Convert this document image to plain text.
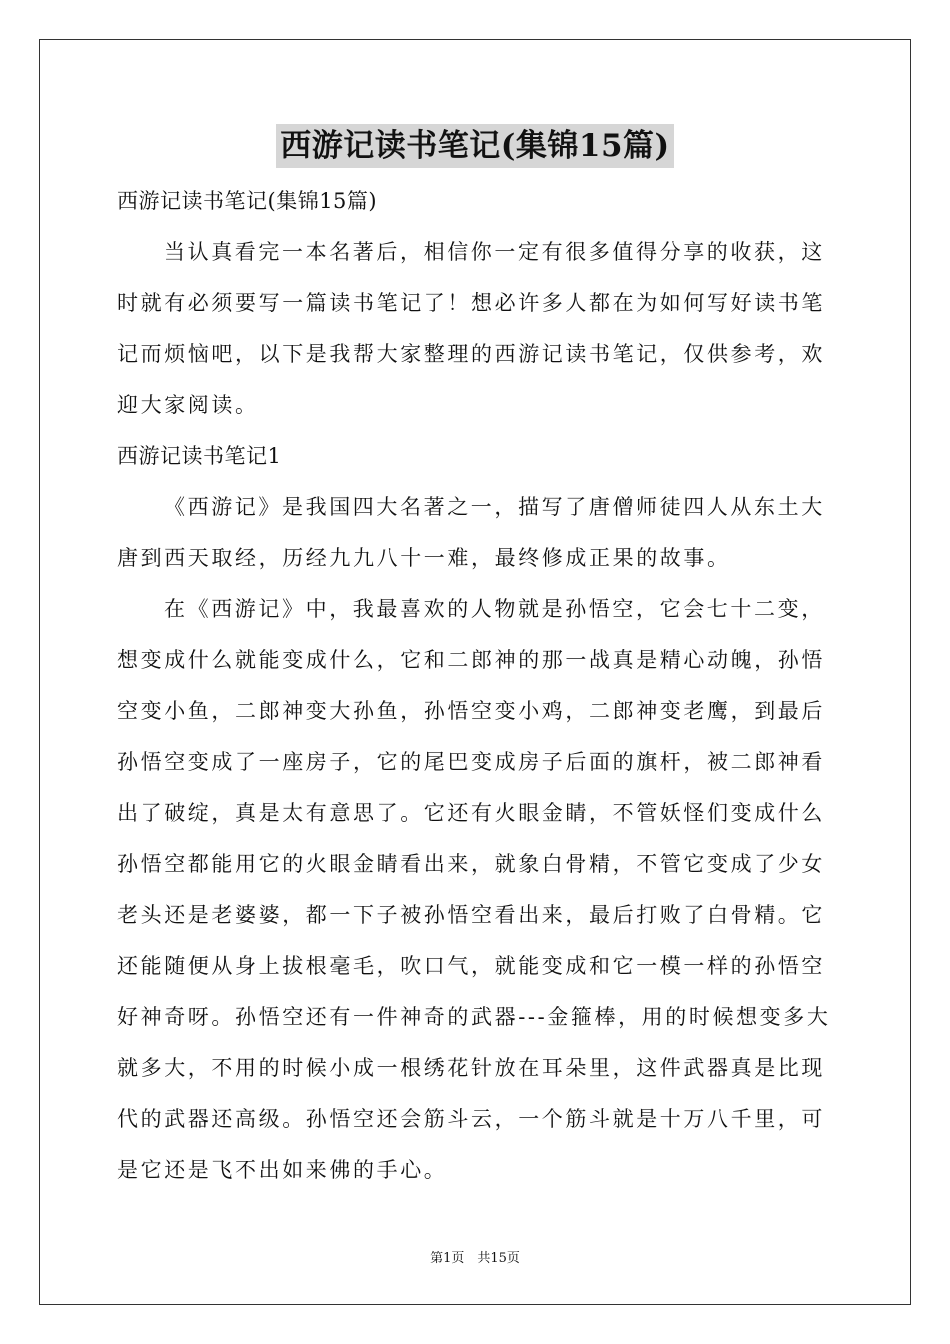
西游记读书笔记(集锦15篇)

西游记读书笔记(集锦15篇)

当认真看完一本名著后，相信你一定有很多值得分享的收获，这时就有必须要写一篇读书笔记了！想必许多人都在为如何写好读书笔记而烦恼吧，以下是我帮大家整理的西游记读书笔记，仅供参考，欢迎大家阅读。

西游记读书笔记1

《西游记》是我国四大名著之一，描写了唐僧师徒四人从东土大唐到西天取经，历经九九八十一难，最终修成正果的故事。

在《西游记》中，我最喜欢的人物就是孙悟空，它会七十二变，想变成什么就能变成什么，它和二郎神的那一战真是精心动魄，孙悟空变小鱼，二郎神变大孙鱼，孙悟空变小鸡，二郎神变老鹰，到最后孙悟空变成了一座房子，它的尾巴变成房子后面的旗杆，被二郎神看出了破绽，真是太有意思了。它还有火眼金睛，不管妖怪们变成什么孙悟空都能用它的火眼金睛看出来，就象白骨精，不管它变成了少女老头还是老婆婆，都一下子被孙悟空看出来，最后打败了白骨精。它还能随便从身上拔根毫毛，吹口气，就能变成和它一模一样的孙悟空好神奇呀。孙悟空还有一件神奇的武器---金箍棒，用的时候想变多大就多大，不用的时候小成一根绣花针放在耳朵里，这件武器真是比现代的武器还高级。孙悟空还会筋斗云，一个筋斗就是十万八千里，可是它还是飞不出如来佛的手心。

第1页　共15页
